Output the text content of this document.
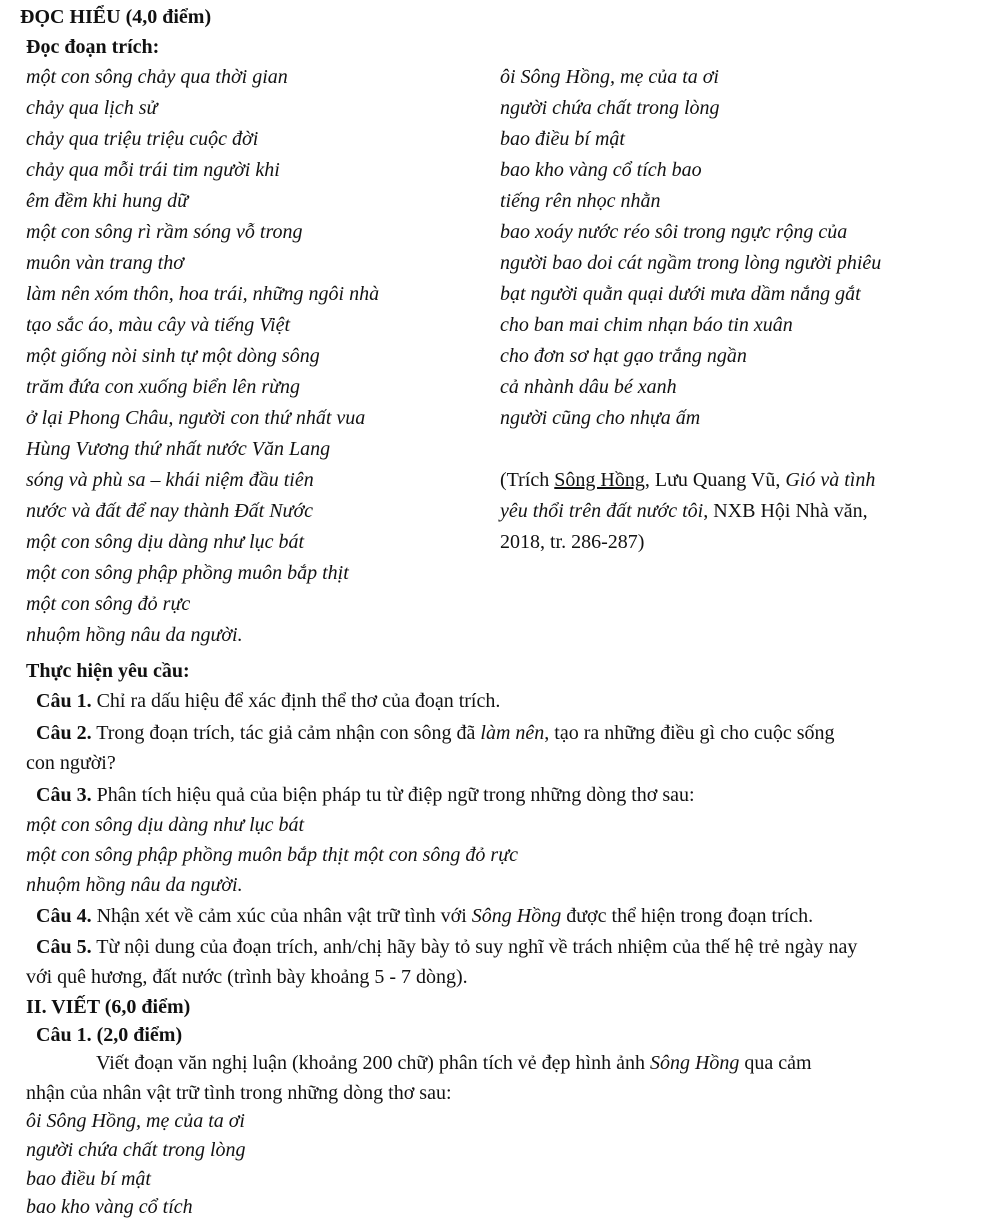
ĐỌC HIỂU (4,0 điểm)
Đọc đoạn trích:
một con sông chảy qua thời gian
chảy qua lịch sử
chảy qua triệu triệu cuộc đời
chảy qua mỗi trái tim người khi
êm đềm khi hung dữ
một con sông rì rầm sóng vỗ trong
muôn vàn trang thơ
làm nên xóm thôn, hoa trái, những ngôi nhà
tạo sắc áo, màu cây và tiếng Việt
một giống nòi sinh tự một dòng sông
trăm đứa con xuống biển lên rừng
ở lại Phong Châu, người con thứ nhất vua
Hùng Vương thứ nhất nước Văn Lang
sóng và phù sa – khái niệm đầu tiên
nước và đất để nay thành Đất Nước
một con sông dịu dàng như lục bát
một con sông phập phồng muôn bắp thịt
một con sông đỏ rực
nhuộm hồng nâu da người.
ôi Sông Hồng, mẹ của ta ơi
người chứa chất trong lòng
bao điều bí mật
bao kho vàng cổ tích bao
tiếng rên nhọc nhằn
bao xoáy nước réo sôi trong ngực rộng của
người bao doi cát ngầm trong lòng người phiêu
bạt người quằn quại dưới mưa dầm nắng gắt
cho ban mai chim nhạn báo tin xuân
cho đơn sơ hạt gạo trắng ngần
cả nhành dâu bé xanh
người cũng cho nhựa ấm
(Trích Sông Hồng, Lưu Quang Vũ, Gió và tình
yêu thổi trên đất nước tôi, NXB Hội Nhà văn,
2018, tr. 286-287)
Thực hiện yêu cầu:
Câu 1. Chỉ ra dấu hiệu để xác định thể thơ của đoạn trích.
Câu 2. Trong đoạn trích, tác giả cảm nhận con sông đã làm nên, tạo ra những điều gì cho cuộc sống
con người?
Câu 3. Phân tích hiệu quả của biện pháp tu từ điệp ngữ trong những dòng thơ sau:
một con sông dịu dàng như lục bát
một con sông phập phồng muôn bắp thịt một con sông đỏ rực
nhuộm hồng nâu da người.
Câu 4. Nhận xét về cảm xúc của nhân vật trữ tình với Sông Hồng được thể hiện trong đoạn trích.
Câu 5. Từ nội dung của đoạn trích, anh/chị hãy bày tỏ suy nghĩ về trách nhiệm của thế hệ trẻ ngày nay
với quê hương, đất nước (trình bày khoảng 5 - 7 dòng).
II. VIẾT (6,0 điểm)
Câu 1. (2,0 điểm)
Viết đoạn văn nghị luận (khoảng 200 chữ) phân tích vẻ đẹp hình ảnh Sông Hồng qua cảm
nhận của nhân vật trữ tình trong những dòng thơ sau:
ôi Sông Hồng, mẹ của ta ơi
người chứa chất trong lòng
bao điều bí mật
bao kho vàng cổ tích
